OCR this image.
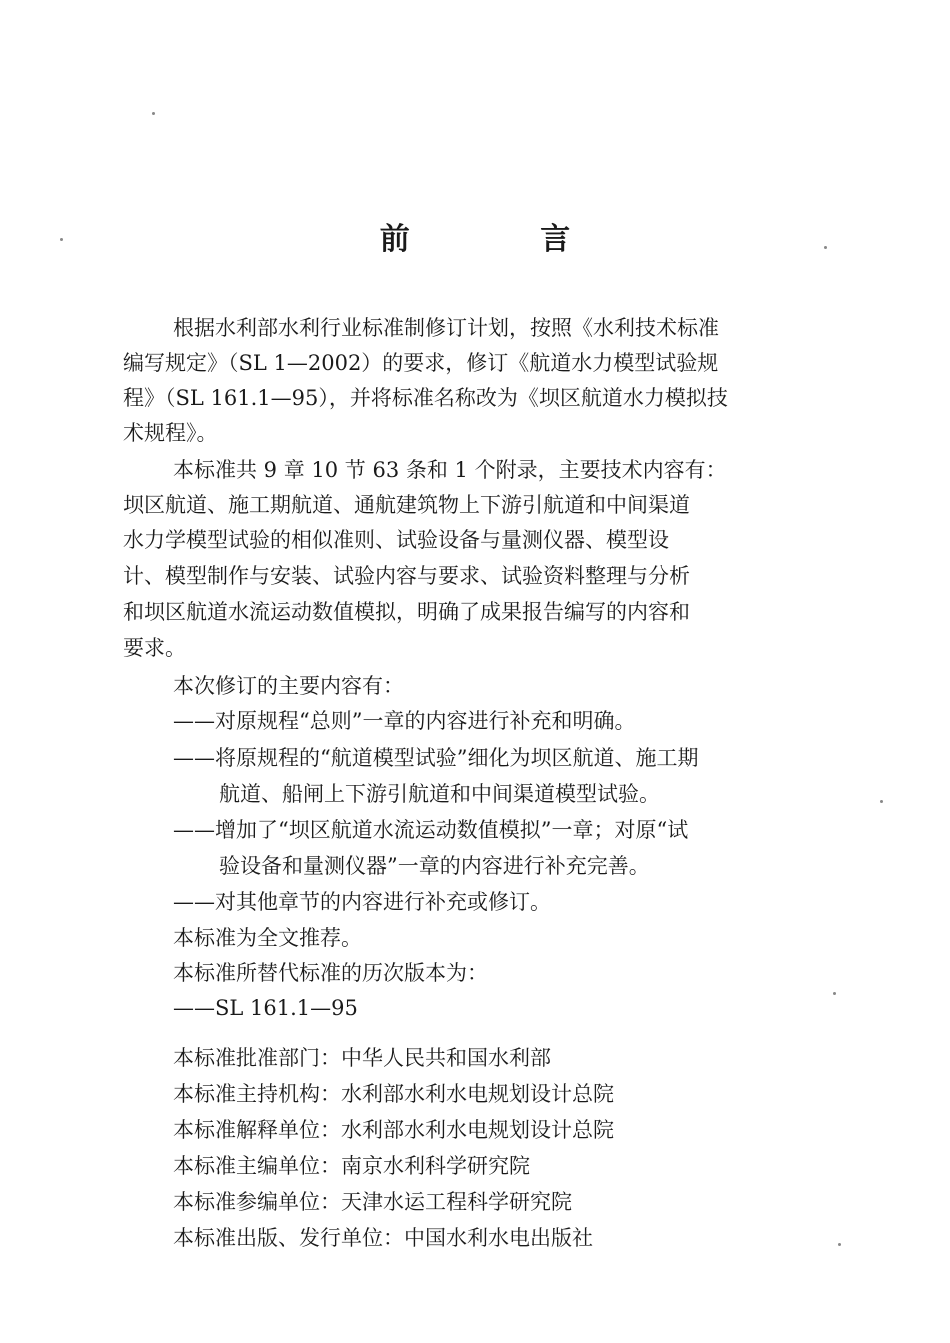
前 言
根据水利部水利行业标准制修订计划，按照《水利技术标准
编写规定》（SL 1—2002）的要求，修订《航道水力模型试验规
程》（SL 161.1—95），并将标准名称改为《坝区航道水力模拟技
术规程》。
本标准共 9 章 10 节 63 条和 1 个附录，主要技术内容有：
坝区航道、施工期航道、通航建筑物上下游引航道和中间渠道
水力学模型试验的相似准则、试验设备与量测仪器、模型设
计、模型制作与安装、试验内容与要求、试验资料整理与分析
和坝区航道水流运动数值模拟，明确了成果报告编写的内容和
要求。
本次修订的主要内容有：
——对原规程“总则”一章的内容进行补充和明确。
——将原规程的“航道模型试验”细化为坝区航道、施工期
航道、船闸上下游引航道和中间渠道模型试验。
——增加了“坝区航道水流运动数值模拟”一章；对原“试
验设备和量测仪器”一章的内容进行补充完善。
——对其他章节的内容进行补充或修订。
本标准为全文推荐。
本标准所替代标准的历次版本为：
——SL 161.1—95
本标准批准部门：中华人民共和国水利部
本标准主持机构：水利部水利水电规划设计总院
本标准解释单位：水利部水利水电规划设计总院
本标准主编单位：南京水利科学研究院
本标准参编单位：天津水运工程科学研究院
本标准出版、发行单位：中国水利水电出版社
